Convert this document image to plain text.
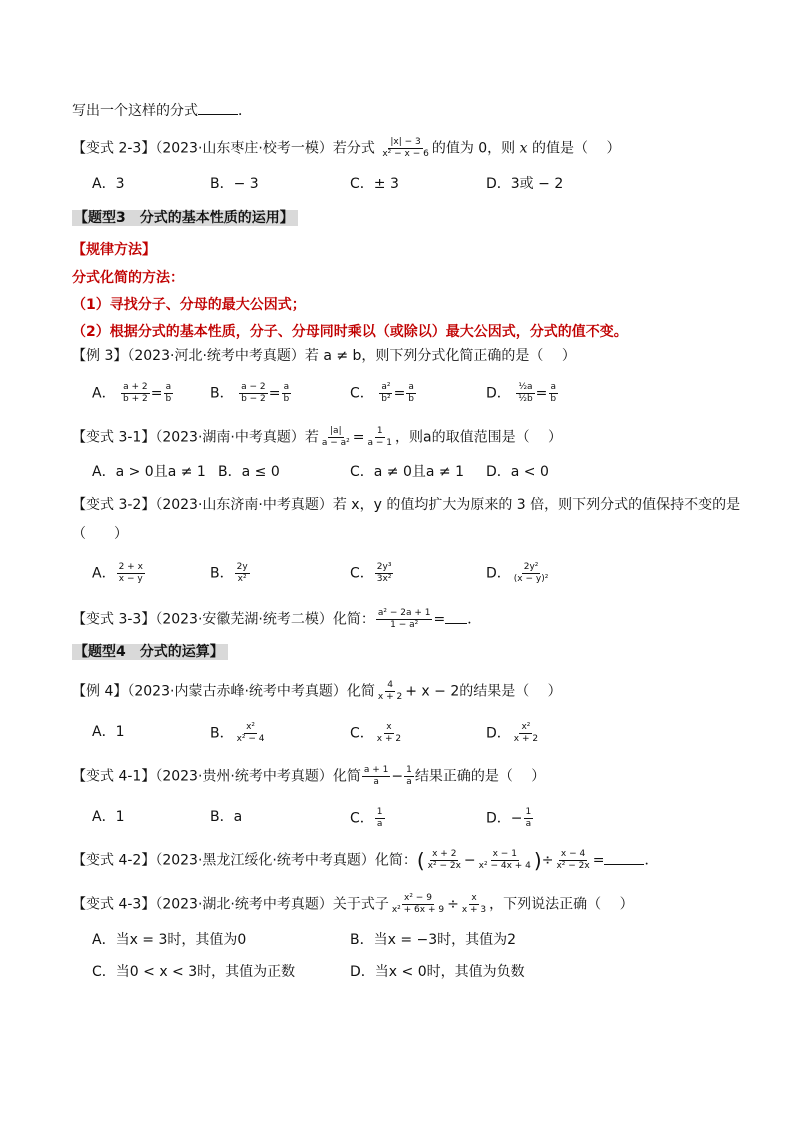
写出一个这样的分式	．
【变式 2-3】（2023·山东枣庄·校考一模）若分式 $\frac{|x| - 3}{\text{x² − x − 6}}$ 的值为 0，则 x 的值是（　 ）
A．3	B．− 3	C．± 3	D．3或 − 2
【题型3　分式的基本性质的运用】
【规律方法】
分式化简的方法：
（1）寻找分子、分母的最大公因式；
（2）根据分式的基本性质，分子、分母同时乘以（或除以）最大公因式，分式的值不变。
【例 3】（2023·河北·统考中考真题）若 a ≠ b，则下列分式化简正确的是（　 ）
A． $\frac{a + 2}{b + 2} = \frac{a}{b}$	B． $\frac{a - 2}{b - 2} = \frac{a}{b}$	C． $\frac{\text{a²}}{\text{b²}} = \frac{a}{b}$	D． $\frac{\text{½a}}{\text{½b}} = \frac{a}{b}$
【变式 3-1】（2023·湖南·中考真题）若 $\frac{|a|}{\text{a − a²}} = \frac{1}{a - 1}$ ，则a的取值范围是（　 ）
A．a > 0且a ≠ 1 B．a ≤ 0	C．a ≠ 0且a ≠ 1 D．a < 0
【变式 3-2】（2023·山东济南·中考真题）若 x，y 的值均扩大为原来的 3 倍，则下列分式的值保持不变的是
（　　）
A． $\frac{2 + x}{x - y}$	B． $\frac{2y}{\text{x²}}$	C． $\frac{\text{2y³}}{\text{3x²}}$	D． $\frac{\text{2y²}}{\text{(x − y)²}}$
【变式 3-3】（2023·安徽芜湖·统考二模）化简： $\frac{\text{a² − 2a + 1}}{\text{1 − a²}}$ = ．
【题型4　分式的运算】
【例 4】（2023·内蒙古赤峰·统考中考真题）化简 $\frac{4}{x + 2} + x - 2$的结果是（　 ）
A．1	B． $\frac{\text{x²}}{\text{x² − 4}}$	C． $\frac{x}{x + 2}$	D． $\frac{\text{x²}}{x + 2}$
【变式 4-1】（2023·贵州·统考中考真题）化简 $\frac{a + 1}{a} - \frac{1}{a}$ 结果正确的是（　 ）
A．1	B．a	C． $\frac{1}{a}$	D．− $\frac{1}{a}$
【变式 4-2】（2023·黑龙江绥化·统考中考真题）化简：( $\frac{x + 2}{\text{x² − 2x}} - \frac{x - 1}{\text{x² − 4x + 4}}$ )÷ $\frac{x - 4}{\text{x² − 2x}}$ =	．
【变式 4-3】（2023·湖北·统考中考真题）关于式子 $\frac{\text{x² − 9}}{\text{x² + 6x + 9}} \div \frac{x}{x + 3}$ ，下列说法正确（　 ）
A．当x = 3时，其值为0	B．当x = −3时，其值为2
C．当0 < x < 3时，其值为正数	D．当x < 0时，其值为负数
